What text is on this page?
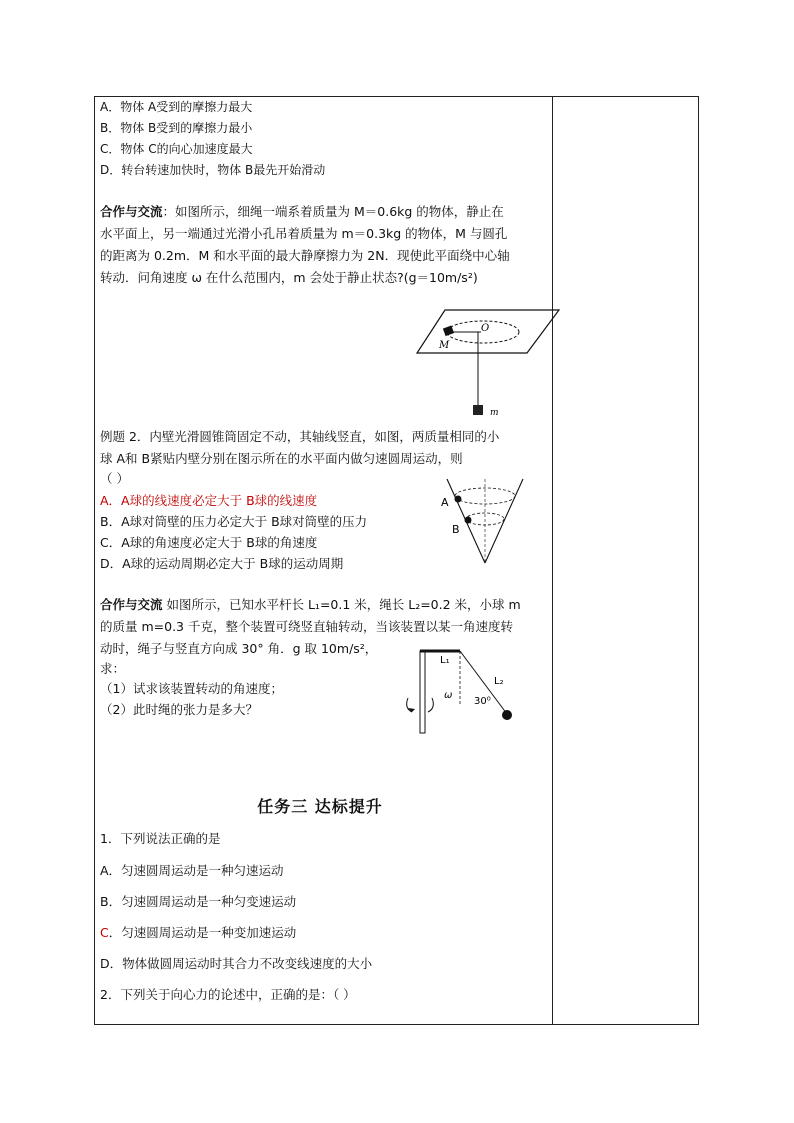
A．物体 A受到的摩擦力最大
B．物体 B受到的摩擦力最小
C．物体 C的向心加速度最大
D．转台转速加快时，物体 B最先开始滑动
合作与交流：如图所示，细绳一端系着质量为 M＝0.6kg 的物体，静止在
水平面上，另一端通过光滑小孔吊着质量为 m＝0.3kg 的物体，M 与圆孔
的距离为 0.2m．M 和水平面的最大静摩擦力为 2N．现使此平面绕中心轴
转动．问角速度 ω 在什么范围内，m 会处于静止状态?(g＝10m/s²)
O
M
m
例题 2．内壁光滑圆锥筒固定不动，其轴线竖直，如图，两质量相同的小
球 A和 B紧贴内壁分别在图示所在的水平面内做匀速圆周运动，则
（ ）
A．A球的线速度必定大于 B球的线速度
B．A球对筒壁的压力必定大于 B球对筒壁的压力
C．A球的角速度必定大于 B球的角速度
D．A球的运动周期必定大于 B球的运动周期
A
B
合作与交流 如图所示，已知水平杆长 L₁=0.1 米，绳长 L₂=0.2 米，小球 m
的质量 m=0.3 千克，整个装置可绕竖直轴转动，当该装置以某一角速度转
动时，绳子与竖直方向成 30° 角．g 取 10m/s²，
求：
（1）试求该装置转动的角速度；
（2）此时绳的张力是多大？
L₁
L₂
ω
30⁰
任务三 达标提升
1．下列说法正确的是
A．匀速圆周运动是一种匀速运动
B．匀速圆周运动是一种匀变速运动
C．匀速圆周运动是一种变加速运动
D．物体做圆周运动时其合力不改变线速度的大小
2．下列关于向心力的论述中，正确的是：（ ）
